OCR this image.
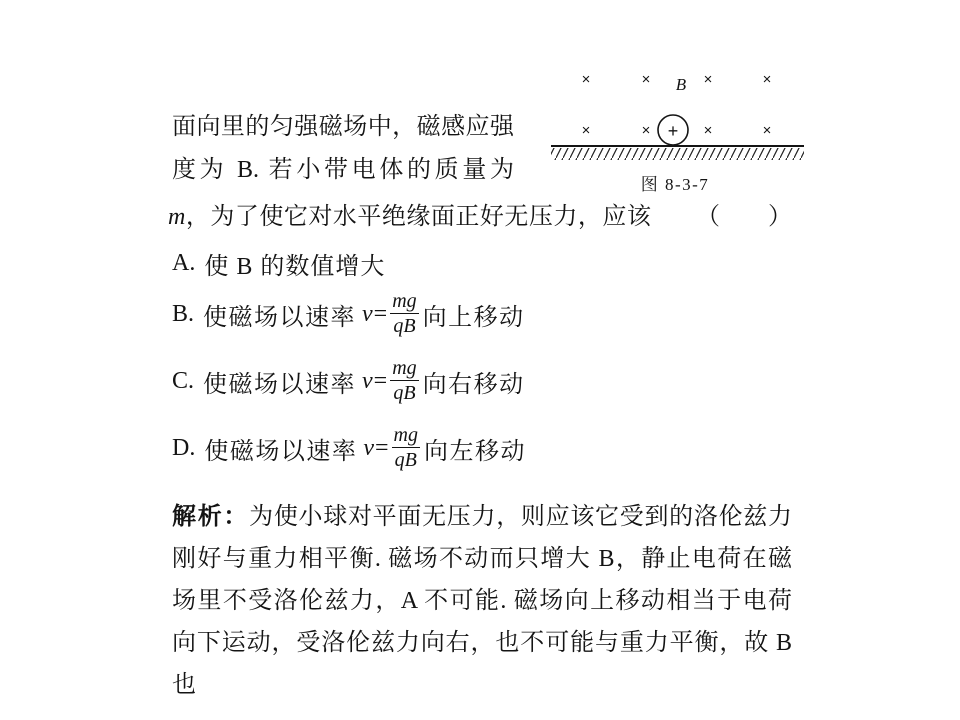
面向里的匀强磁场中，磁感应强
度为 B. 若小带电体的质量为
×	×	×	×
B
×	×	×	×
+
图 8-3-7
m，为了使它对水平绝缘面正好无压力，应该 （　　）
A. 使 B 的数值增大
B. 使磁场以速率 $v = \frac{mg}{qB}$ 向上移动
C. 使磁场以速率 $v = \frac{mg}{qB}$ 向右移动
D. 使磁场以速率 $v = \frac{mg}{qB}$ 向左移动
解析：为使小球对平面无压力，则应该它受到的洛伦兹力
刚好与重力相平衡. 磁场不动而只增大 B，静止电荷在磁
场里不受洛伦兹力，A 不可能. 磁场向上移动相当于电荷
向下运动，受洛伦兹力向右，也不可能与重力平衡，故 B 也
